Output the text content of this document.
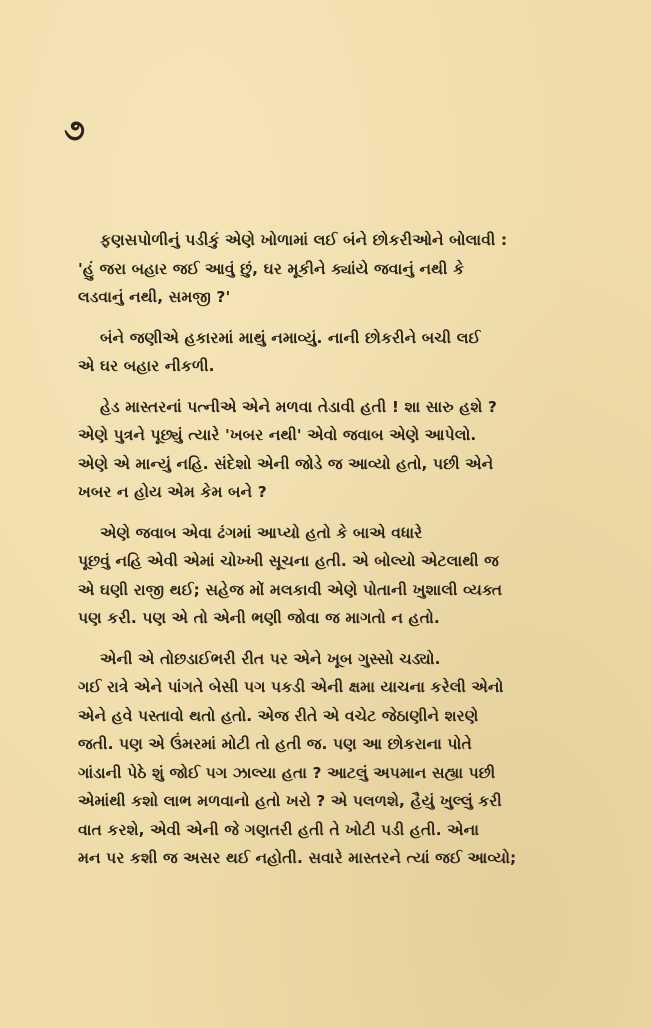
૭

ફણસપોળીનું પડીકું એણે ખોળામાં લઈ બંને છોકરીઓને બોલાવી :
'હું જરા બહાર જઈ આવું છું, ઘર મૂકીને ક્યાંયે જવાનું નથી કે
લડવાનું નથી, સમજી ?'

બંને જણીએ હકારમાં માથું નમાવ્યું. નાની છોકરીને બચી લઈ
એ ઘર બહાર નીકળી.

હેડ માસ્તરનાં પત્નીએ એને મળવા તેડાવી હતી ! શા સારુ હશે ?
એણે પુત્રને પૂછ્યું ત્યારે 'ખબર નથી' એવો જવાબ એણે આપેલો.
એણે એ માન્યું નહિ. સંદેશો એની જોડે જ આવ્યો હતો, પછી એને
ખબર ન હોય એમ કેમ બને ?

એણે જવાબ એવા ઢંગમાં આપ્યો હતો કે બાએ વધારે
પૂછવું નહિ એવી એમાં ચોખ્ખી સૂચના હતી. એ બોલ્યો એટલાથી જ
એ ઘણી રાજી થઈ; સહેજ મોં મલકાવી એણે પોતાની ખુશાલી વ્યક્ત
પણ કરી. પણ એ તો એની ભણી જોવા જ માગતો ન હતો.

એની એ તોછડાઈભરી રીત પર એને ખૂબ ગુસ્સો ચડ્યો.
ગઈ રાત્રે એને પાંગતે બેસી પગ પકડી એની ક્ષમા યાચના કરેલી એનો
એને હવે પસ્તાવો થતો હતો. એજ રીતે એ વચેટ જેઠાણીને શરણે
જતી. પણ એ ઉંમરમાં મોટી તો હતી જ. પણ આ છોકરાના પોતે
ગાંડાની પેઠે શું જોઈ પગ ઝાલ્યા હતા ? આટલું અપમાન સહ્યા પછી
એમાંથી કશો લાભ મળવાનો હતો ખરો ? એ પલળશે, હૈયું ખુલ્લું કરી
વાત કરશે, એવી એની જે ગણતરી હતી તે ખોટી પડી હતી. એના
મન પર કશી જ અસર થઈ નહોતી. સવારે માસ્તરને ત્યાં જઈ આવ્યો;
